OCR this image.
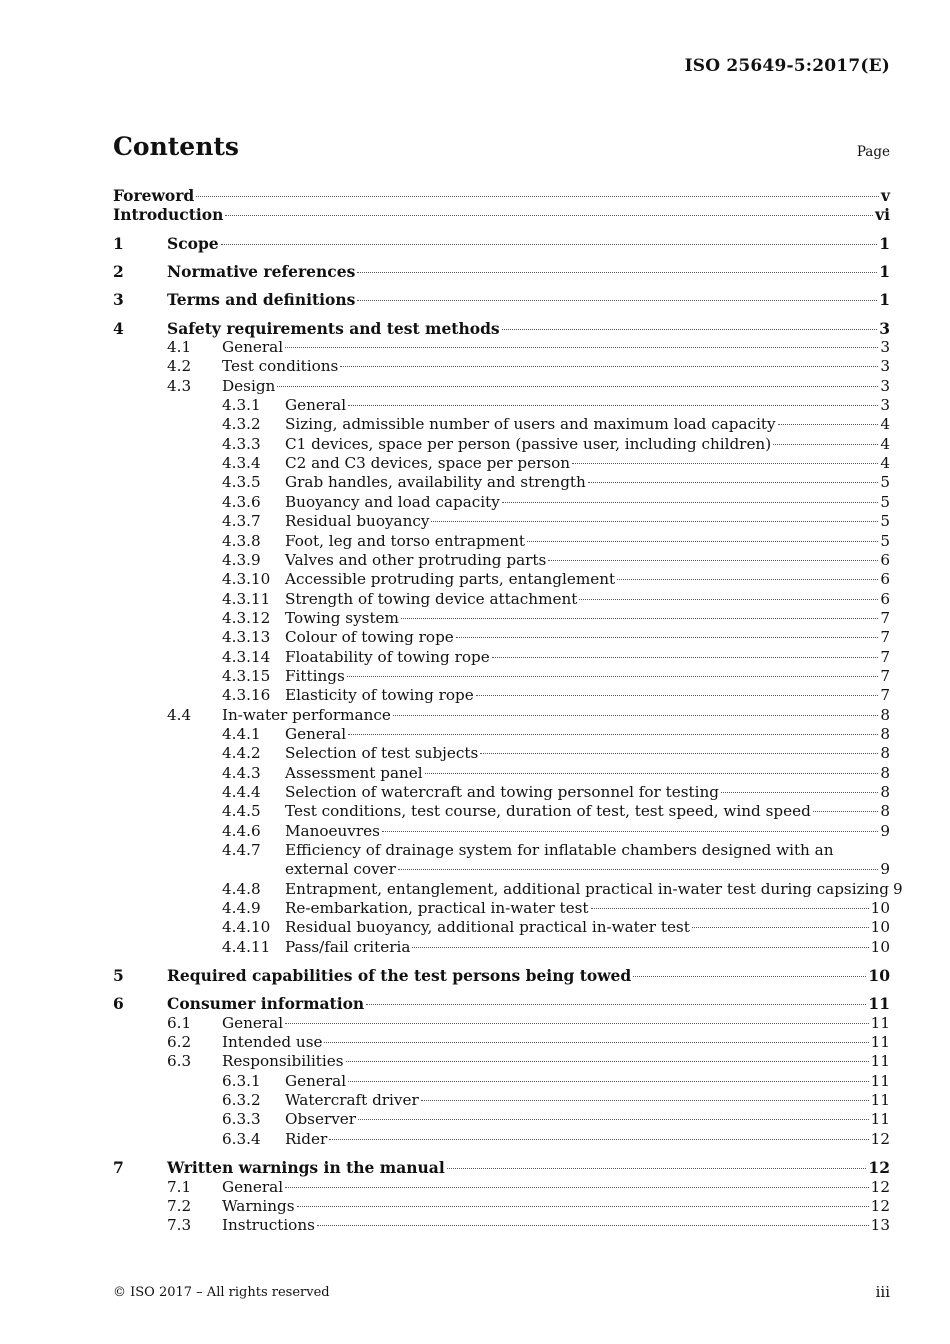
ISO 25649-5:2017(E)
Contents	Page
Foreword	v
Introduction	vi
1	Scope	1
2	Normative references	1
3	Terms and definitions	1
4	Safety requirements and test methods	3
4.1 General	3
4.2 Test conditions	3
4.3 Design	3
4.3.1 General	3
4.3.2 Sizing, admissible number of users and maximum load capacity	4
4.3.3 C1 devices, space per person (passive user, including children)	4
4.3.4 C2 and C3 devices, space per person	4
4.3.5 Grab handles, availability and strength	5
4.3.6 Buoyancy and load capacity	5
4.3.7 Residual buoyancy	5
4.3.8 Foot, leg and torso entrapment	5
4.3.9 Valves and other protruding parts	6
4.3.10 Accessible protruding parts, entanglement	6
4.3.11 Strength of towing device attachment	6
4.3.12 Towing system	7
4.3.13 Colour of towing rope	7
4.3.14 Floatability of towing rope	7
4.3.15 Fittings	7
4.3.16 Elasticity of towing rope	7
4.4 In-water performance	8
4.4.1 General	8
4.4.2 Selection of test subjects	8
4.4.3 Assessment panel	8
4.4.4 Selection of watercraft and towing personnel for testing	8
4.4.5 Test conditions, test course, duration of test, test speed, wind speed	8
4.4.6 Manoeuvres	9
4.4.7 Efficiency of drainage system for inflatable chambers designed with an
external cover	9
4.4.8 Entrapment, entanglement, additional practical in-water test during capsizing 9
4.4.9 Re-embarkation, practical in-water test	10
4.4.10 Residual buoyancy, additional practical in-water test	10
4.4.11 Pass/fail criteria	10
5	Required capabilities of the test persons being towed	10
6	Consumer information	11
6.1 General	11
6.2 Intended use	11
6.3 Responsibilities	11
6.3.1 General	11
6.3.2 Watercraft driver	11
6.3.3 Observer	11
6.3.4 Rider	12
7	Written warnings in the manual	12
7.1 General	12
7.2 Warnings	12
7.3 Instructions	13
© ISO 2017 – All rights reserved	iii
